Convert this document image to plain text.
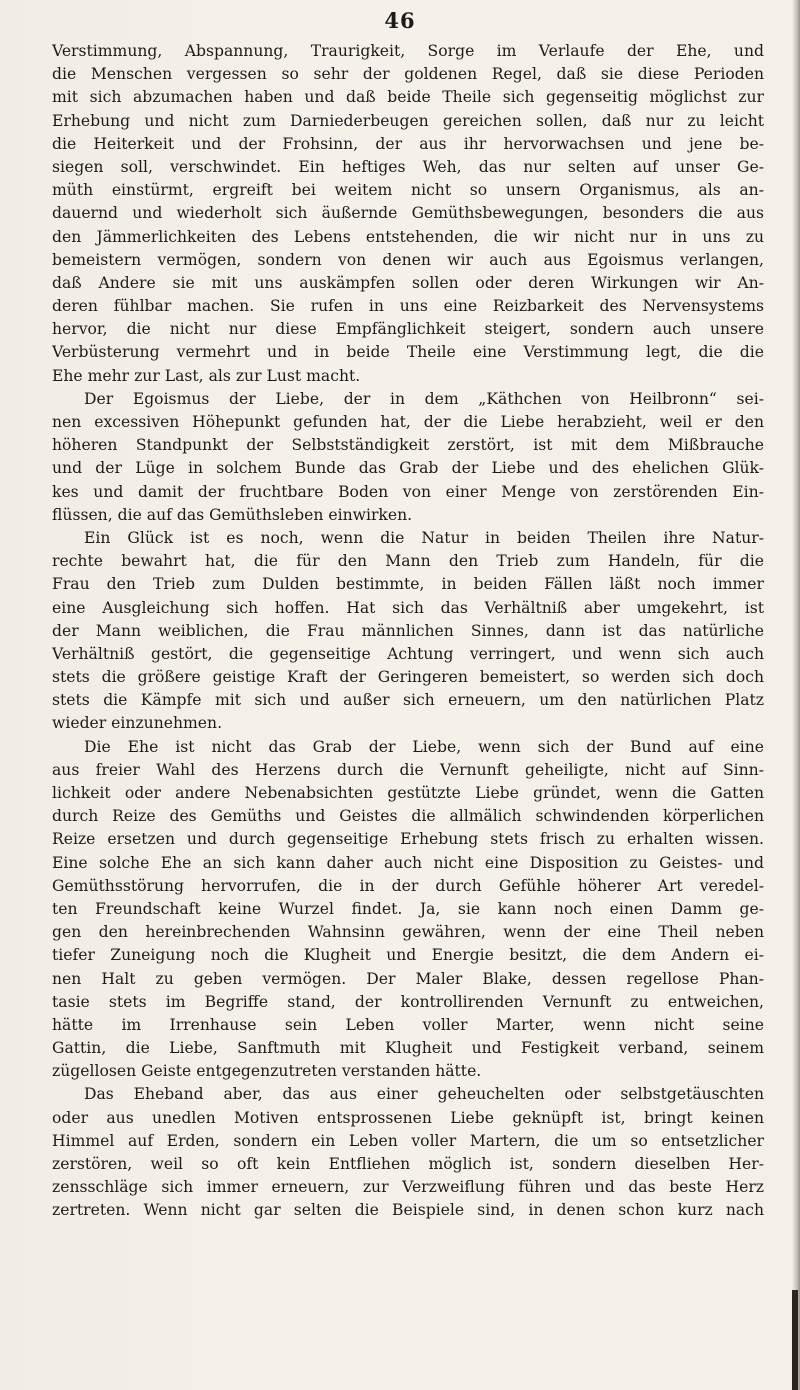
46
Verstimmung, Abspannung, Traurigkeit, Sorge im Verlaufe der Ehe, und
die Menschen vergessen so sehr der goldenen Regel, daß sie diese Perioden
mit sich abzumachen haben und daß beide Theile sich gegenseitig möglichst zur
Erhebung und nicht zum Darniederbeugen gereichen sollen, daß nur zu leicht
die Heiterkeit und der Frohsinn, der aus ihr hervorwachsen und jene be-
siegen soll, verschwindet. Ein heftiges Weh, das nur selten auf unser Ge-
müth einstürmt, ergreift bei weitem nicht so unsern Organismus, als an-
dauernd und wiederholt sich äußernde Gemüthsbewegungen, besonders die aus
den Jämmerlichkeiten des Lebens entstehenden, die wir nicht nur in uns zu
bemeistern vermögen, sondern von denen wir auch aus Egoismus verlangen,
daß Andere sie mit uns auskämpfen sollen oder deren Wirkungen wir An-
deren fühlbar machen. Sie rufen in uns eine Reizbarkeit des Nervensystems
hervor, die nicht nur diese Empfänglichkeit steigert, sondern auch unsere
Verbüsterung vermehrt und in beide Theile eine Verstimmung legt, die die
Ehe mehr zur Last, als zur Lust macht.
Der Egoismus der Liebe, der in dem „Käthchen von Heilbronn“ sei-
nen excessiven Höhepunkt gefunden hat, der die Liebe herabzieht, weil er den
höheren Standpunkt der Selbstständigkeit zerstört, ist mit dem Mißbrauche
und der Lüge in solchem Bunde das Grab der Liebe und des ehelichen Glük-
kes und damit der fruchtbare Boden von einer Menge von zerstörenden Ein-
flüssen, die auf das Gemüthsleben einwirken.
Ein Glück ist es noch, wenn die Natur in beiden Theilen ihre Natur-
rechte bewahrt hat, die für den Mann den Trieb zum Handeln, für die
Frau den Trieb zum Dulden bestimmte, in beiden Fällen läßt noch immer
eine Ausgleichung sich hoffen. Hat sich das Verhältniß aber umgekehrt, ist
der Mann weiblichen, die Frau männlichen Sinnes, dann ist das natürliche
Verhältniß gestört, die gegenseitige Achtung verringert, und wenn sich auch
stets die größere geistige Kraft der Geringeren bemeistert, so werden sich doch
stets die Kämpfe mit sich und außer sich erneuern, um den natürlichen Platz
wieder einzunehmen.
Die Ehe ist nicht das Grab der Liebe, wenn sich der Bund auf eine
aus freier Wahl des Herzens durch die Vernunft geheiligte, nicht auf Sinn-
lichkeit oder andere Nebenabsichten gestützte Liebe gründet, wenn die Gatten
durch Reize des Gemüths und Geistes die allmälich schwindenden körperlichen
Reize ersetzen und durch gegenseitige Erhebung stets frisch zu erhalten wissen.
Eine solche Ehe an sich kann daher auch nicht eine Disposition zu Geistes- und
Gemüthsstörung hervorrufen, die in der durch Gefühle höherer Art veredel-
ten Freundschaft keine Wurzel findet. Ja, sie kann noch einen Damm ge-
gen den hereinbrechenden Wahnsinn gewähren, wenn der eine Theil neben
tiefer Zuneigung noch die Klugheit und Energie besitzt, die dem Andern ei-
nen Halt zu geben vermögen. Der Maler Blake, dessen regellose Phan-
tasie stets im Begriffe stand, der kontrollirenden Vernunft zu entweichen,
hätte im Irrenhause sein Leben voller Marter, wenn nicht seine
Gattin, die Liebe, Sanftmuth mit Klugheit und Festigkeit verband, seinem
zügellosen Geiste entgegenzutreten verstanden hätte.
Das Eheband aber, das aus einer geheuchelten oder selbstgetäuschten
oder aus unedlen Motiven entsprossenen Liebe geknüpft ist, bringt keinen
Himmel auf Erden, sondern ein Leben voller Martern, die um so entsetzlicher
zerstören, weil so oft kein Entfliehen möglich ist, sondern dieselben Her-
zensschläge sich immer erneuern, zur Verzweiflung führen und das beste Herz
zertreten. Wenn nicht gar selten die Beispiele sind, in denen schon kurz nach
